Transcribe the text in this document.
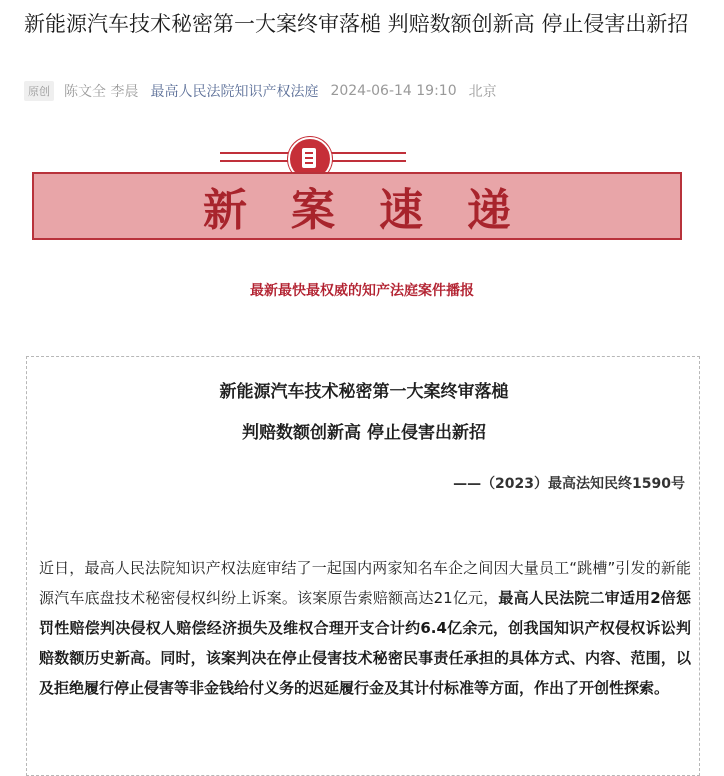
新能源汽车技术秘密第一大案终审落槌 判赔数额创新高 停止侵害出新招
原创 陈文全 李晨 最高人民法院知识产权法庭 2024-06-14 19:10 北京
新案速递
最新最快最权威的知产法庭案件播报
新能源汽车技术秘密第一大案终审落槌
判赔数额创新高 停止侵害出新招
——（2023）最高法知民终1590号

近日，最高人民法院知识产权法庭审结了一起国内两家知名车企之间因大量员工“跳槽”引发的新能源汽车底盘技术秘密侵权纠纷上诉案。该案原告索赔额高达21亿元，最高人民法院二审适用2倍惩罚性赔偿判决侵权人赔偿经济损失及维权合理开支合计约6.4亿余元，创我国知识产权侵权诉讼判赔数额历史新高。同时，该案判决在停止侵害技术秘密民事责任承担的具体方式、内容、范围，以及拒绝履行停止侵害等非金钱给付义务的迟延履行金及其计付标准等方面，作出了开创性探索。
